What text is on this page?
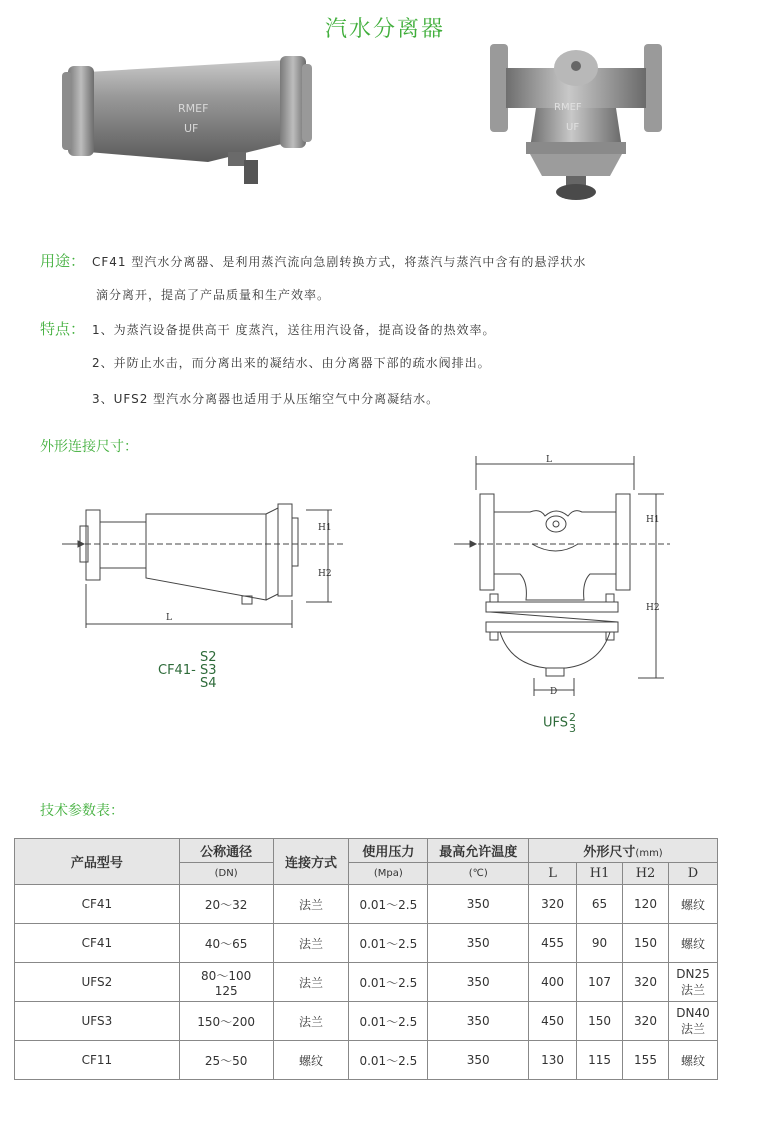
汽水分离器
RMEF
UF
RMEF
UF
用途： CF41 型汽水分离器、是利用蒸汽流向急剧转换方式，将蒸汽与蒸汽中含有的悬浮状水
滴分离开，提高了产品质量和生产效率。
特点： 1、为蒸汽设备提供高干 度蒸汽，送往用汽设备，提高设备的热效率。
2、并防止水击，而分离出来的凝结水、由分离器下部的疏水阀排出。
3、UFS2 型汽水分离器也适用于从压缩空气中分离凝结水。
外形连接尺寸：
H1
H2
L
S2
CF41- S3
S4
L
H1
H2
D
UFS 2
3
技术参数表：
产品型号	公称通径	连接方式	使用压力	最高允许温度	外形尺寸(mm)			

	(DN)		(Mpa)	(℃)	L	H1	H2	D
CF41	20～32	法兰	0.01～2.5	350	320	65	120	螺纹
CF41	40～65	法兰	0.01～2.5	350	455	90	150	螺纹
UFS2	80～100
125	法兰	0.01～2.5	350	400	107	320	DN25
法兰

UFS3	150～200	法兰	0.01～2.5	350	450	150	320	DN40
法兰

CF11	25～50	螺纹	0.01～2.5	350	130	115	155	螺纹
